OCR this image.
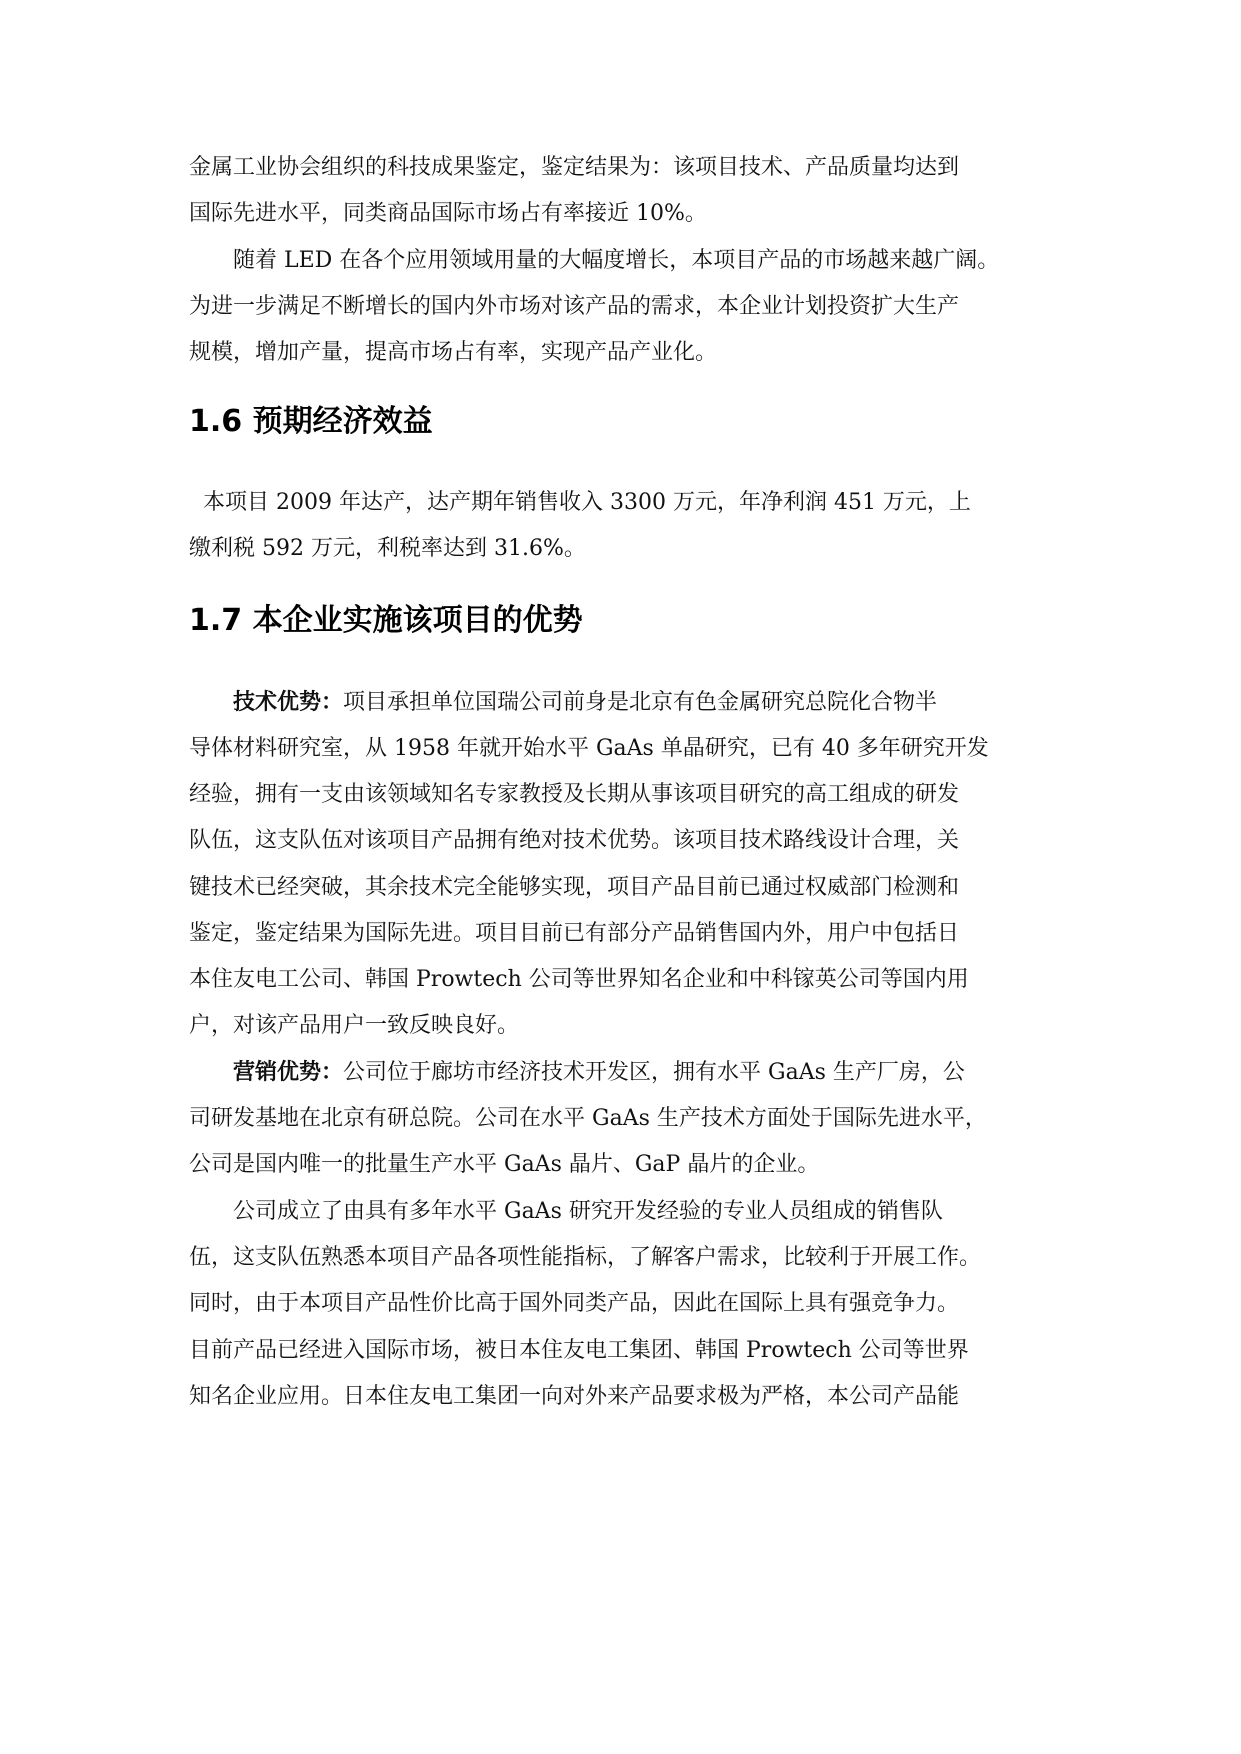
金属工业协会组织的科技成果鉴定，鉴定结果为：该项目技术、产品质量均达到
国际先进水平，同类商品国际市场占有率接近 10%。
随着 LED 在各个应用领域用量的大幅度增长，本项目产品的市场越来越广阔。
为进一步满足不断增长的国内外市场对该产品的需求，本企业计划投资扩大生产
规模，增加产量，提高市场占有率，实现产品产业化。
1.6 预期经济效益
本项目 2009 年达产，达产期年销售收入 3300 万元，年净利润 451 万元，上
缴利税 592 万元，利税率达到 31.6%。
1.7 本企业实施该项目的优势
技术优势：项目承担单位国瑞公司前身是北京有色金属研究总院化合物半
导体材料研究室，从 1958 年就开始水平 GaAs 单晶研究，已有 40 多年研究开发
经验，拥有一支由该领域知名专家教授及长期从事该项目研究的高工组成的研发
队伍，这支队伍对该项目产品拥有绝对技术优势。该项目技术路线设计合理，关
键技术已经突破，其余技术完全能够实现，项目产品目前已通过权威部门检测和
鉴定，鉴定结果为国际先进。项目目前已有部分产品销售国内外，用户中包括日
本住友电工公司、韩国 Prowtech 公司等世界知名企业和中科镓英公司等国内用
户，对该产品用户一致反映良好。
营销优势：公司位于廊坊市经济技术开发区，拥有水平 GaAs 生产厂房，公
司研发基地在北京有研总院。公司在水平 GaAs 生产技术方面处于国际先进水平，
公司是国内唯一的批量生产水平 GaAs 晶片、GaP 晶片的企业。
公司成立了由具有多年水平 GaAs 研究开发经验的专业人员组成的销售队
伍，这支队伍熟悉本项目产品各项性能指标，了解客户需求，比较利于开展工作。
同时，由于本项目产品性价比高于国外同类产品，因此在国际上具有强竞争力。
目前产品已经进入国际市场，被日本住友电工集团、韩国 Prowtech 公司等世界
知名企业应用。日本住友电工集团一向对外来产品要求极为严格，本公司产品能
